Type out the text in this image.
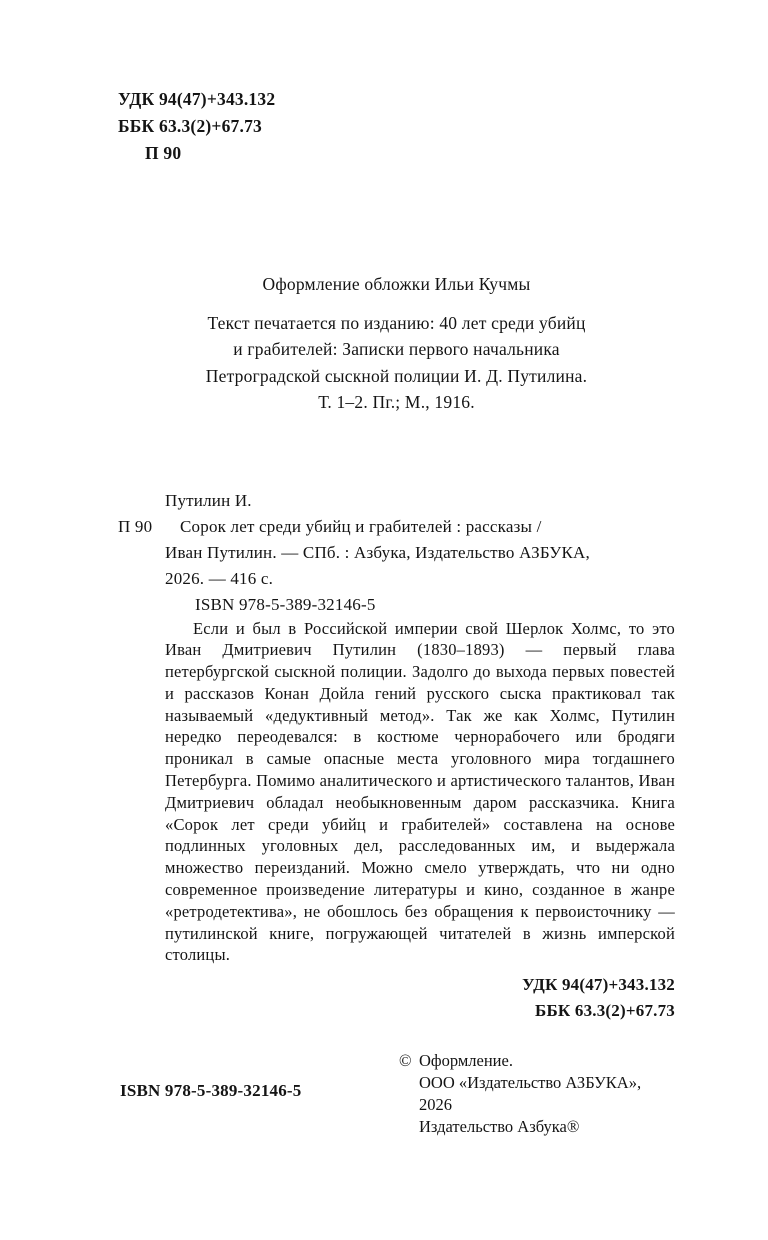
УДК 94(47)+343.132
ББК 63.3(2)+67.73
П 90
Оформление обложки Ильи Кучмы
Текст печатается по изданию: 40 лет среди убийц
и грабителей: Записки первого начальника
Петроградской сыскной полиции И. Д. Путилина.
Т. 1–2. Пг.; М., 1916.
Путилин И.
П 90 Сорок лет среди убийц и грабителей : рассказы /
Иван Путилин. — СПб. : Азбука, Издательство АЗБУКА,
2026. — 416 с.
ISBN 978-5-389-32146-5
Если и был в Российской империи свой Шерлок Холмс, то это Иван Дмитриевич Путилин (1830–1893) — первый глава петербургской сыскной полиции. Задолго до выхода первых повестей и рассказов Конан Дойла гений русского сыска практиковал так называемый «дедуктивный метод». Так же как Холмс, Путилин нередко переодевался: в костюме чернорабочего или бродяги проникал в самые опасные места уголовного мира тогдашнего Петербурга. Помимо аналитического и артистического талантов, Иван Дмитриевич обладал необыкновенным даром рассказчика. Книга «Сорок лет среди убийц и грабителей» составлена на основе подлинных уголовных дел, расследованных им, и выдержала множество переизданий. Можно смело утверждать, что ни одно современное произведение литературы и кино, созданное в жанре «ретродетектива», не обошлось без обращения к первоисточнику — путилинской книге, погружающей читателей в жизнь имперской столицы.
УДК 94(47)+343.132
ББК 63.3(2)+67.73
© Оформление.
ООО «Издательство АЗБУКА», 2026
Издательство Азбука®
ISBN 978-5-389-32146-5
